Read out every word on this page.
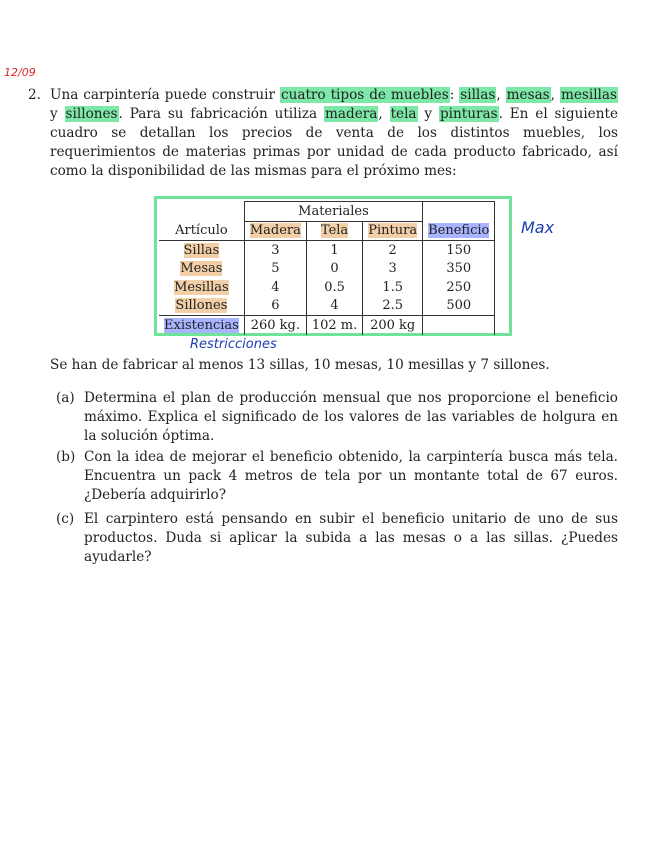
12/09
2. Una carpintería puede construir cuatro tipos de muebles: sillas, mesas, mesillas y sillones. Para su fabricación utiliza madera, tela y pinturas. En el siguiente cuadro se detallan los precios de venta de los distintos muebles, los requerimientos de materias primas por unidad de cada producto fabricado, así como la disponibilidad de las mismas para el próximo mes:
	Materiales			
Artículo	Madera	Tela	Pintura	Beneficio
Sillas	3	1	2	150
Mesas	5	0	3	350
Mesillas	4	0.5	1.5	250
Sillones	6	4	2.5	500
Existencias	260 kg.	102 m.	200 kg	
Max
Restricciones
Se han de fabricar al menos 13 sillas, 10 mesas, 10 mesillas y 7 sillones.
(a) Determina el plan de producción mensual que nos proporcione el beneficio máximo. Explica el significado de los valores de las variables de holgura en la solución óptima.
(b) Con la idea de mejorar el beneficio obtenido, la carpintería busca más tela. Encuentra un pack 4 metros de tela por un montante total de 67 euros. ¿Debería adquirirlo?
(c) El carpintero está pensando en subir el beneficio unitario de uno de sus productos. Duda si aplicar la subida a las mesas o a las sillas. ¿Puedes ayudarle?
